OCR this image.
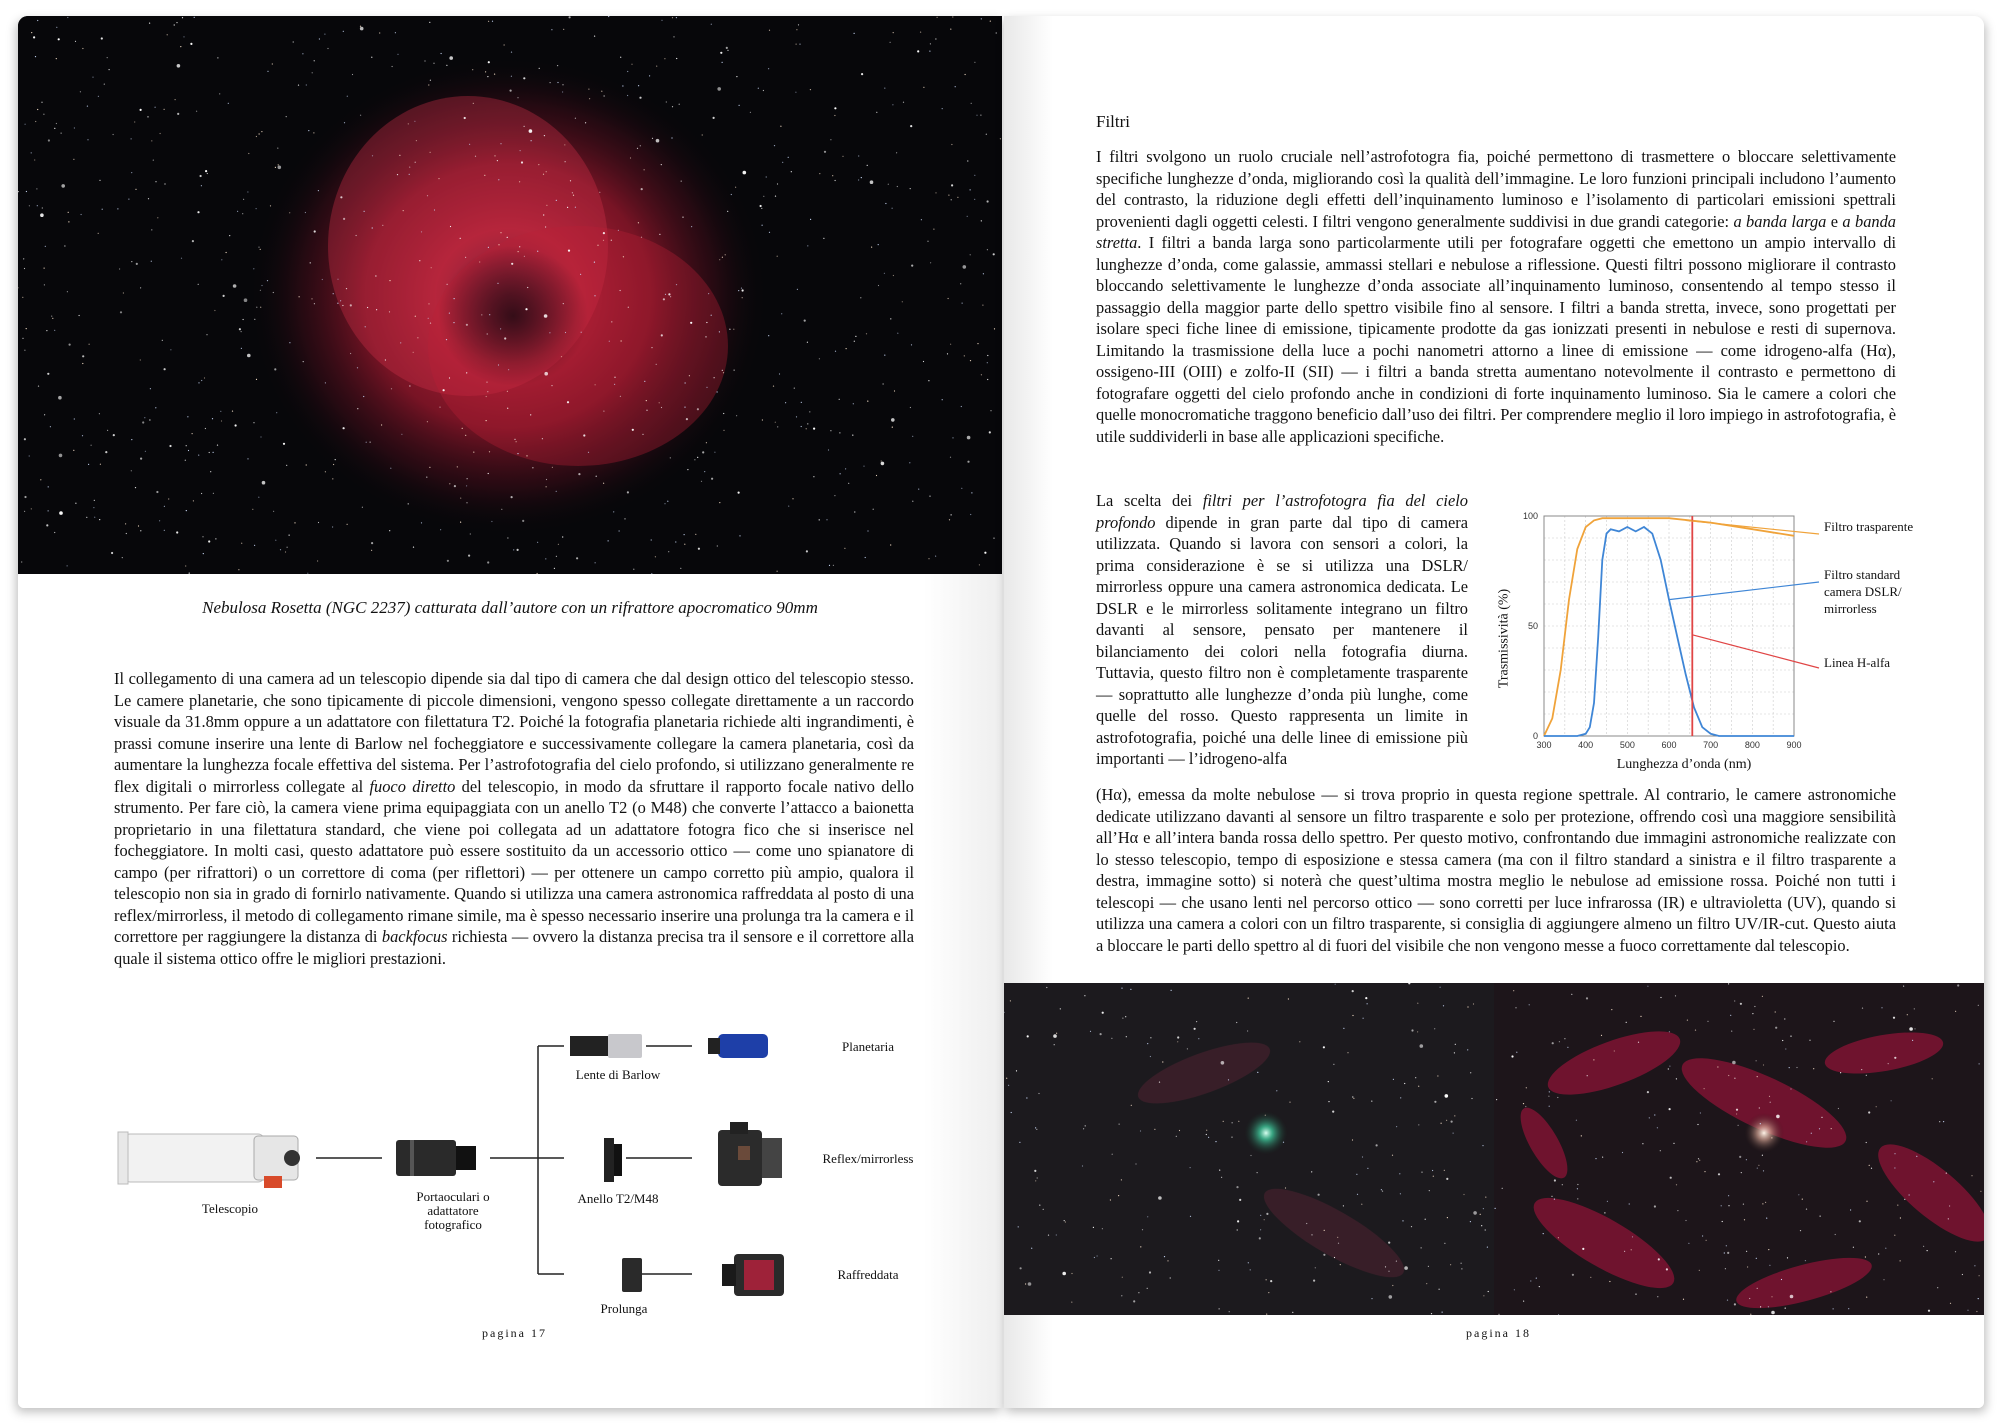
Nebulosa Rosetta (NGC 2237) catturata dall’autore con un rifrattore apocromatico 90mm

Il collegamento di una camera ad un telescopio dipende sia dal tipo di camera che dal design ottico del telescopio stesso. Le camere planetarie, che sono tipicamente di piccole dimensioni, vengono spesso collegate direttamente a un raccordo visuale da 31.8mm oppure a un adattatore con filettatura T2. Poiché la fotografia planetaria richiede alti ingrandimenti, è prassi comune inserire una lente di Barlow nel focheggiatore e successivamente collegare la camera planetaria, così da aumentare la lunghezza focale effettiva del sistema. Per l’astrofotografia del cielo profondo, si utilizzano generalmente re flex digitali o mirrorless collegate al fuoco diretto del telescopio, in modo da sfruttare il rapporto focale nativo dello strumento. Per fare ciò, la camera viene prima equipaggiata con un anello T2 (o M48) che converte l’attacco a baionetta proprietario in una filettatura standard, che viene poi collegata ad un adattatore fotogra fico che si inserisce nel focheggiatore. In molti casi, questo adattatore può essere sostituito da un accessorio ottico — come uno spianatore di campo (per rifrattori) o un correttore di coma (per riflettori) — per ottenere un campo corretto più ampio, qualora il telescopio non sia in grado di fornirlo nativamente. Quando si utilizza una camera astronomica raffreddata al posto di una reflex/mirrorless, il metodo di collegamento rimane simile, ma è spesso necessario inserire una prolunga tra la camera e il correttore per raggiungere la distanza di backfocus richiesta — ovvero la distanza precisa tra il sensore e il correttore alla quale il sistema ottico offre le migliori prestazioni.

Telescopio
Portaoculari o adattatore fotografico
Lente di Barlow
Anello T2/M48
Prolunga
Planetaria
Reflex/mirrorless
Raffreddata
pagina 17
Filtri

I filtri svolgono un ruolo cruciale nell’astrofotogra fia, poiché permettono di trasmettere o bloccare selettivamente specifiche lunghezze d’onda, migliorando così la qualità dell’immagine. Le loro funzioni principali includono l’aumento del contrasto, la riduzione degli effetti dell’inquinamento luminoso e l’isolamento di particolari emissioni spettrali provenienti dagli oggetti celesti. I filtri vengono generalmente suddivisi in due grandi categorie: a banda larga e a banda stretta. I filtri a banda larga sono particolarmente utili per fotografare oggetti che emettono un ampio intervallo di lunghezze d’onda, come galassie, ammassi stellari e nebulose a riflessione. Questi filtri possono migliorare il contrasto bloccando selettivamente le lunghezze d’onda associate all’inquinamento luminoso, consentendo al tempo stesso il passaggio della maggior parte dello spettro visibile fino al sensore. I filtri a banda stretta, invece, sono progettati per isolare speci fiche linee di emissione, tipicamente prodotte da gas ionizzati presenti in nebulose e resti di supernova. Limitando la trasmissione della luce a pochi nanometri attorno a linee di emissione — come idrogeno-alfa (Hα), ossigeno-III (OIII) e zolfo-II (SII) — i filtri a banda stretta aumentano notevolmente il contrasto e permettono di fotografare oggetti del cielo profondo anche in condizioni di forte inquinamento luminoso. Sia le camere a colori che quelle monocromatiche traggono beneficio dall’uso dei filtri. Per comprendere meglio il loro impiego in astrofotografia, è utile suddividerli in base alle applicazioni specifiche.

La scelta dei filtri per l’astrofotogra fia del cielo profondo dipende in gran parte dal tipo di camera utilizzata. Quando si lavora con sensori a colori, la prima considerazione è se si utilizza una DSLR/ mirrorless oppure una camera astronomica dedicata. Le DSLR e le mirrorless solitamente integrano un filtro davanti al sensore, pensato per mantenere il bilanciamento dei colori nella fotografia diurna. Tuttavia, questo filtro non è completamente trasparente — soprattutto alle lunghezze d’onda più lunghe, come quelle del rosso. Questo rappresenta un limite in astrofotografia, poiché una delle linee di emissione più importanti — l’idrogeno-alfa

300	400	500	600	700	800	900
0
50
100
Lunghezza d’onda (nm)
Trasmissività (%)
Filtro trasparente
Filtro standard camera DSLR/ mirrorless
Linea H-alfa

(Hα), emessa da molte nebulose — si trova proprio in questa regione spettrale. Al contrario, le camere astronomiche dedicate utilizzano davanti al sensore un filtro trasparente e solo per protezione, offrendo così una maggiore sensibilità all’Hα e all’intera banda rossa dello spettro. Per questo motivo, confrontando due immagini astronomiche realizzate con lo stesso telescopio, tempo di esposizione e stessa camera (ma con il filtro standard a sinistra e il filtro trasparente a destra, immagine sotto) si noterà che quest’ultima mostra meglio le nebulose ad emissione rossa. Poiché non tutti i telescopi — che usano lenti nel percorso ottico — sono corretti per luce infrarossa (IR) e ultravioletta (UV), quando si utilizza una camera a colori con un filtro trasparente, si consiglia di aggiungere almeno un filtro UV/IR-cut. Questo aiuta a bloccare le parti dello spettro al di fuori del visibile che non vengono messe a fuoco correttamente dal telescopio.

pagina 18
